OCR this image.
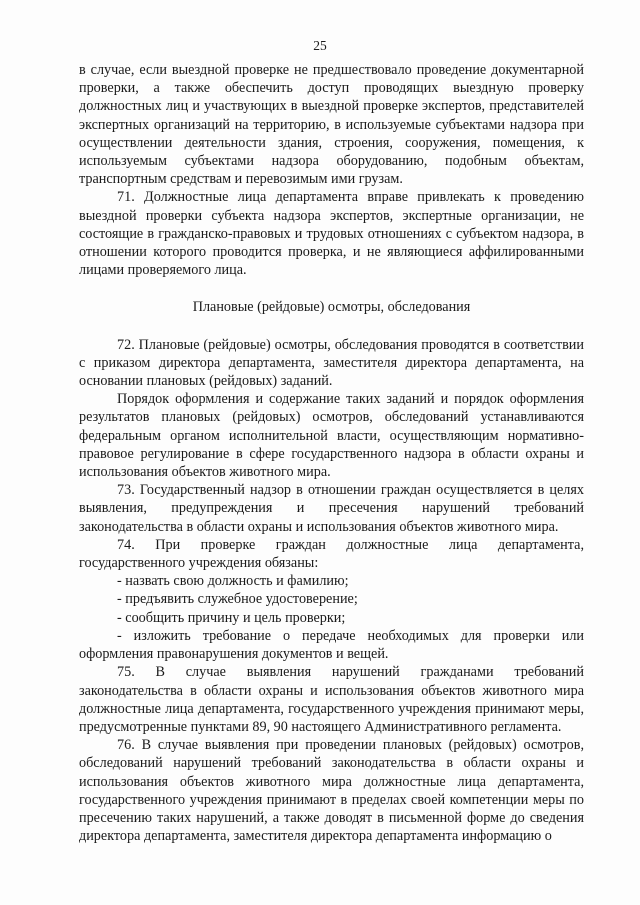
25

в случае, если выездной проверке не предшествовало проведение документарной проверки, а также обеспечить доступ проводящих выездную проверку должностных лиц и участвующих в выездной проверке экспертов, представителей экспертных организаций на территорию, в используемые субъектами надзора при осуществлении деятельности здания, строения, сооружения, помещения, к используемым субъектами надзора оборудованию, подобным объектам, транспортным средствам и перевозимым ими грузам.

71. Должностные лица департамента вправе привлекать к проведению выездной проверки субъекта надзора экспертов, экспертные организации, не состоящие в гражданско-правовых и трудовых отношениях с субъектом надзора, в отношении которого проводится проверка, и не являющиеся аффилированными лицами проверяемого лица.

Плановые (рейдовые) осмотры, обследования

72. Плановые (рейдовые) осмотры, обследования проводятся в соответствии с приказом директора департамента, заместителя директора департамента, на основании плановых (рейдовых) заданий.

Порядок оформления и содержание таких заданий и порядок оформления результатов плановых (рейдовых) осмотров, обследований устанавливаются федеральным органом исполнительной власти, осуществляющим нормативно-правовое регулирование в сфере государственного надзора в области охраны и использования объектов животного мира.

73. Государственный надзор в отношении граждан осуществляется в целях выявления, предупреждения и пресечения нарушений требований законодательства в области охраны и использования объектов животного мира.

74. При проверке граждан должностные лица департамента, государственного учреждения обязаны:

- назвать свою должность и фамилию;

- предъявить служебное удостоверение;

- сообщить причину и цель проверки;

- изложить требование о передаче необходимых для проверки или оформления правонарушения документов и вещей.

75. В случае выявления нарушений гражданами требований законодательства в области охраны и использования объектов животного мира должностные лица департамента, государственного учреждения принимают меры, предусмотренные пунктами 89, 90 настоящего Административного регламента.

76. В случае выявления при проведении плановых (рейдовых) осмотров, обследований нарушений требований законодательства в области охраны и использования объектов животного мира должностные лица департамента, государственного учреждения принимают в пределах своей компетенции меры по пресечению таких нарушений, а также доводят в письменной форме до сведения директора департамента, заместителя директора департамента информацию о
